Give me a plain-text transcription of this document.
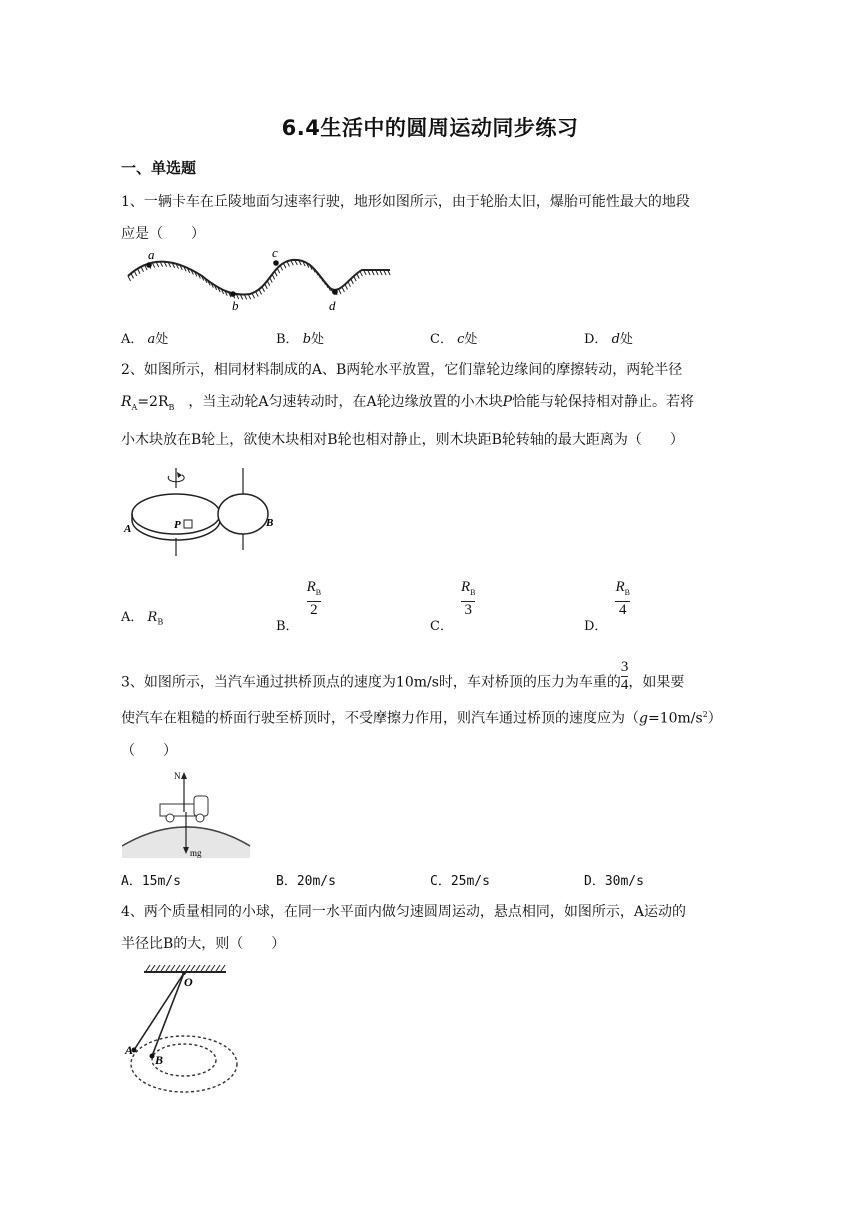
6.4生活中的圆周运动同步练习
一、单选题
1、一辆卡车在丘陵地面匀速率行驶，地形如图所示，由于轮胎太旧，爆胎可能性最大的地段
应是（　　）
a
b
c
d
A． a处	B． b处	C． c处	D． d处
2、如图所示，相同材料制成的A、B两轮水平放置，它们靠轮边缘间的摩擦转动，两轮半径
$R_A=2R_B$　，当主动轮A匀速转动时，在A轮边缘放置的小木块P恰能与轮保持相对静止。若将
小木块放在B轮上，欲使木块相对B轮也相对静止，则木块距B轮转轴的最大距离为（　　）
A	B
P
A． $R_B$	B．
$\frac{R_B}{2}$
C．
$\frac{R_B}{3}$
D．
$\frac{R_B}{4}$
3、如图所示，当汽车通过拱桥顶点的速度为10m/s时，车对桥顶的压力为车重的 $\frac{3}{4}$ ，如果要
使汽车在粗糙的桥面行驶至桥顶时，不受摩擦力作用，则汽车通过桥顶的速度应为$(g=10m/s^2)$
（　　）
N
mg
A．15m/s	B．20m/s	C．25m/s	D．30m/s
4、两个质量相同的小球，在同一水平面内做匀速圆周运动，悬点相同，如图所示，A运动的
半径比B的大，则（　　）
O
A
B
